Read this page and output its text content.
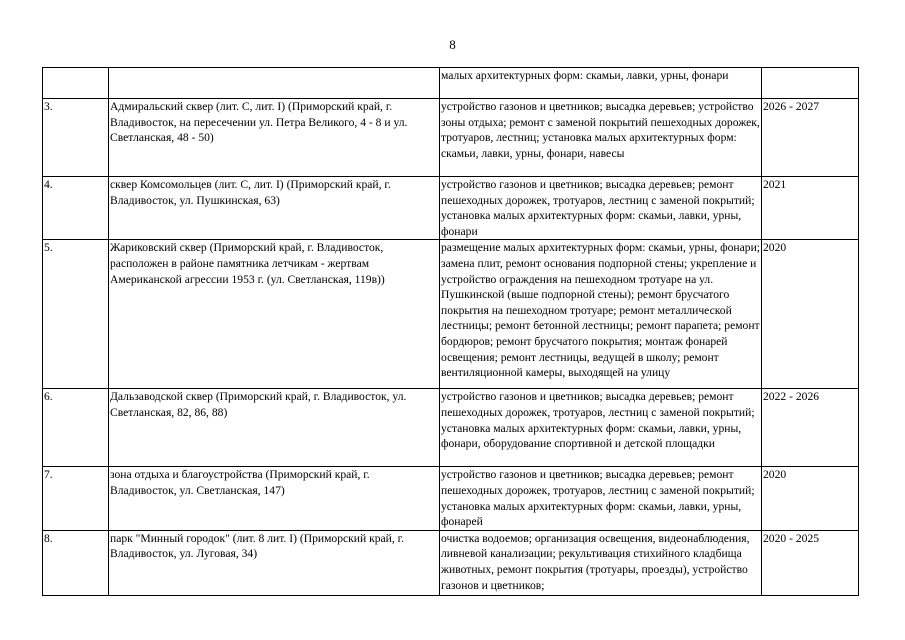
8
		малых архитектурных форм: скамьи, лавки, урны, фонари	
3.	Адмиральский сквер (лит. С, лит. I) (Приморский край, г. Владивосток, на пересечении ул. Петра Великого, 4 - 8 и ул. Светланская, 48 - 50)	устройство газонов и цветников; высадка деревьев; устройство зоны отдыха; ремонт с заменой покрытий пешеходных дорожек, тротуаров, лестниц; установка малых архитектурных форм: скамьи, лавки, урны, фонари, навесы	2026 - 2027
4.	сквер Комсомольцев (лит. С, лит. I) (Приморский край, г. Владивосток, ул. Пушкинская, 63)	устройство газонов и цветников; высадка деревьев; ремонт пешеходных дорожек, тротуаров, лестниц с заменой покрытий; установка малых архитектурных форм: скамьи, лавки, урны, фонари	2021
5.	Жариковский сквер (Приморский край, г. Владивосток, расположен в районе памятника летчикам - жертвам Американской агрессии 1953 г. (ул. Светланская, 119в))	размещение малых архитектурных форм: скамьи, урны, фонари; замена плит, ремонт основания подпорной стены; укрепление и устройство ограждения на пешеходном тротуаре на ул. Пушкинской (выше подпорной стены); ремонт брусчатого покрытия на пешеходном тротуаре; ремонт металлической лестницы; ремонт бетонной лестницы; ремонт парапета; ремонт бордюров; ремонт брусчатого покрытия; монтаж фонарей освещения; ремонт лестницы, ведущей в школу; ремонт вентиляционной камеры, выходящей на улицу	2020
6.	Дальзаводской сквер (Приморский край, г. Владивосток, ул. Светланская, 82, 86, 88)	устройство газонов и цветников; высадка деревьев; ремонт пешеходных дорожек, тротуаров, лестниц с заменой покрытий; установка малых архитектурных форм: скамьи, лавки, урны, фонари, оборудование спортивной и детской площадки	2022 - 2026
7.	зона отдыха и благоустройства (Приморский край, г. Владивосток, ул. Светланская, 147)	устройство газонов и цветников; высадка деревьев; ремонт пешеходных дорожек, тротуаров, лестниц с заменой покрытий; установка малых архитектурных форм: скамьи, лавки, урны, фонарей	2020
8.	парк "Минный городок" (лит. 8 лит. I) (Приморский край, г. Владивосток, ул. Луговая, 34)	очистка водоемов; организация освещения, видеонаблюдения, ливневой канализации; рекультивация стихийного кладбища животных, ремонт покрытия (тротуары, проезды), устройство газонов и цветников;	2020 - 2025
